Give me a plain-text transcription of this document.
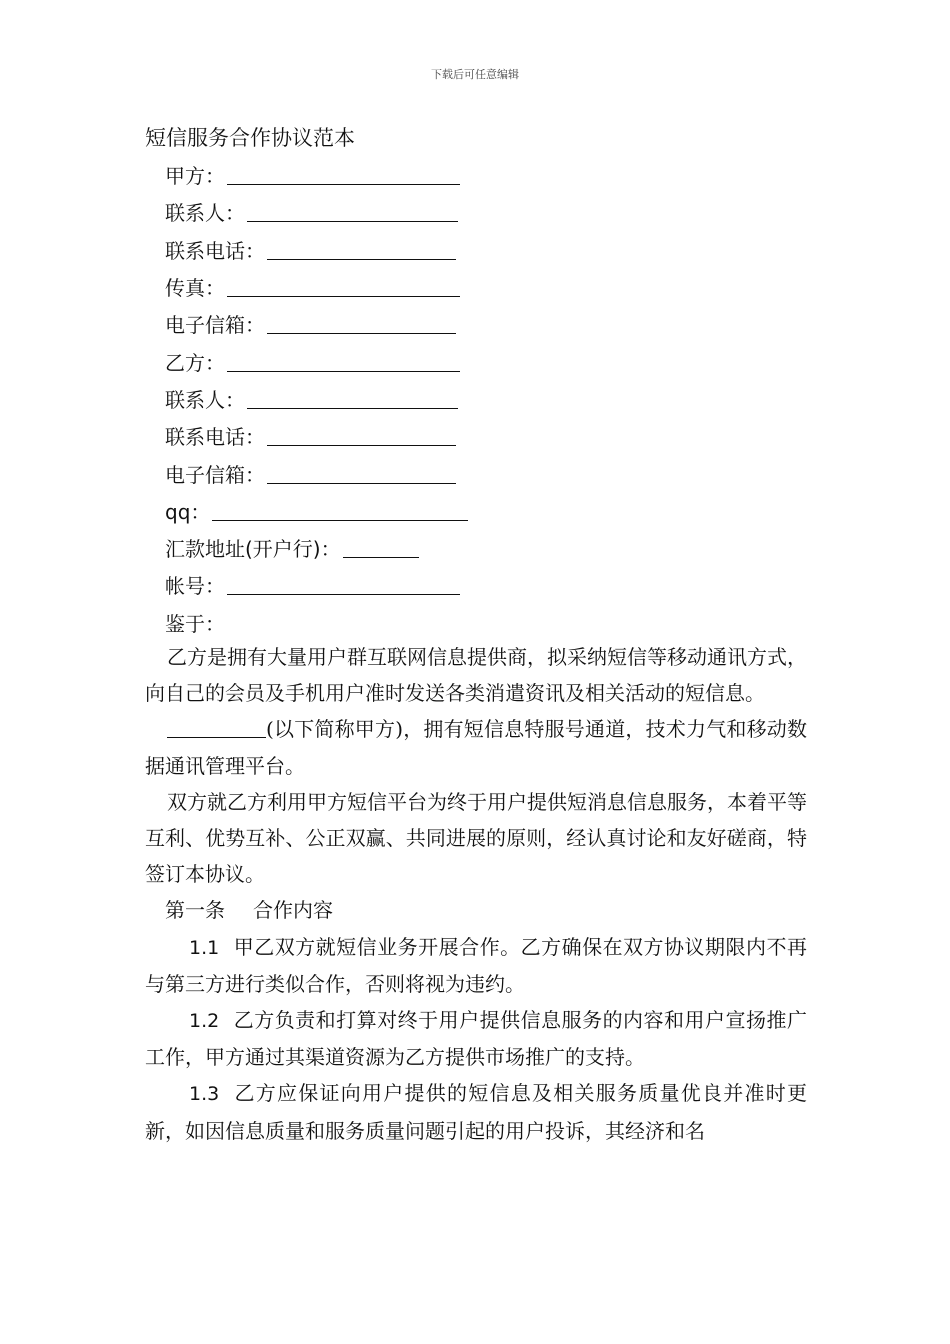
下载后可任意编辑
短信服务合作协议范本
甲方：
联系人：
联系电话：
传真：
电子信箱：
乙方：
联系人：
联系电话：
电子信箱：
qq：
汇款地址(开户行)：
帐号：
鉴于：

乙方是拥有大量用户群互联网信息提供商，拟采纳短信等移动通讯方式，向自己的会员及手机用户准时发送各类消遣资讯及相关活动的短信息。

(以下简称甲方)，拥有短信息特服号通道，技术力气和移动数据通讯管理平台。

双方就乙方利用甲方短信平台为终于用户提供短消息信息服务，本着平等互利、优势互补、公正双赢、共同进展的原则，经认真讨论和友好磋商，特签订本协议。

第一条 合作内容

1.1 甲乙双方就短信业务开展合作。乙方确保在双方协议期限内不再与第三方进行类似合作，否则将视为违约。

1.2 乙方负责和打算对终于用户提供信息服务的内容和用户宣扬推广工作，甲方通过其渠道资源为乙方提供市场推广的支持。

1.3 乙方应保证向用户提供的短信息及相关服务质量优良并准时更新，如因信息质量和服务质量问题引起的用户投诉，其经济和名
